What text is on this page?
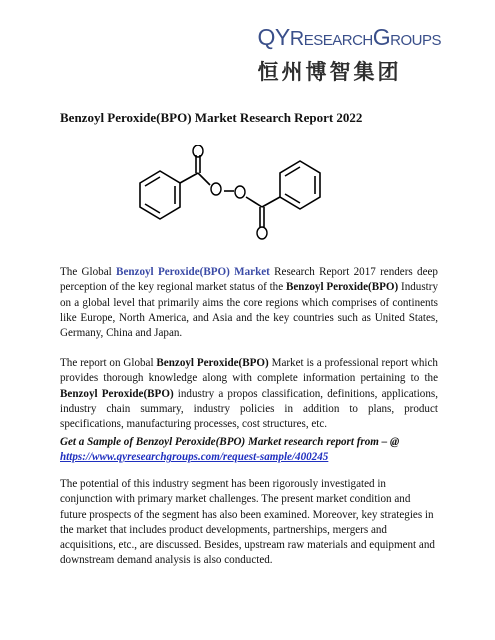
QYRESEARCHGROUPS
恒州博智集团
Benzoyl Peroxide(BPO) Market Research Report 2022

The Global Benzoyl Peroxide(BPO) Market Research Report 2017 renders deep perception of the key regional market status of the Benzoyl Peroxide(BPO) Industry on a global level that primarily aims the core regions which comprises of continents like Europe, North America, and Asia and the key countries such as United States, Germany, China and Japan.

The report on Global Benzoyl Peroxide(BPO) Market is a professional report which provides thorough knowledge along with complete information pertaining to the Benzoyl Peroxide(BPO) industry a propos classification, definitions, applications, industry chain summary, industry policies in addition to plans, product specifications, manufacturing processes, cost structures, etc.

Get a Sample of Benzoyl Peroxide(BPO) Market research report from – @
https://www.qyresearchgroups.com/request-sample/400245

The potential of this industry segment has been rigorously investigated in conjunction with primary market challenges. The present market condition and future prospects of the segment has also been examined. Moreover, key strategies in the market that includes product developments, partnerships, mergers and acquisitions, etc., are discussed. Besides, upstream raw materials and equipment and downstream demand analysis is also conducted.
